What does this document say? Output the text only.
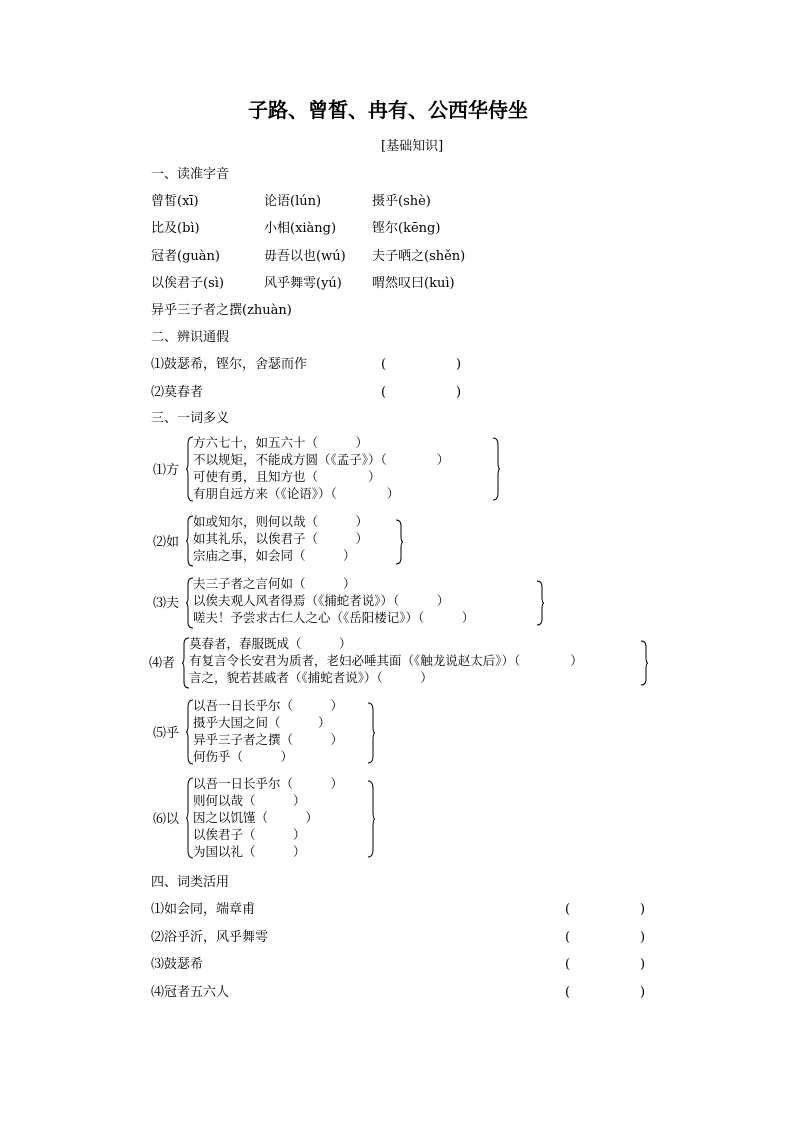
子路、曾皙、冉有、公西华侍坐
[基础知识]
一、读准字音
曾皙(xī)	论语(lún)	摄乎(shè)
比及(bì)	小相(xiàng)	铿尔(kēng)
冠者(guàn)	毋吾以也(wú) 夫子哂之(shěn)
以俟君子(sì)	风乎舞雩(yú) 喟然叹曰(kuì)
异乎三子者之撰(zhuàn)
二、辨识通假
⑴鼓瑟希，铿尔，舍瑟而作	(	)
⑵莫春者	(	)
三、一词多义
⑴方
方六七十，如五六十（　　　）
不以规矩，不能成方圆（《孟子》）（　　　　）
可使有勇，且知方也（　　　　）
有朋自远方来（《论语》）（　　　　）
⑵如
如或知尔，则何以哉（　　　）
如其礼乐，以俟君子（　　　）
宗庙之事，如会同（　　　）
⑶夫
夫三子者之言何如（　　　）
以俟夫观人风者得焉（《捕蛇者说》）（　　　）
嗟夫！予尝求古仁人之心（《岳阳楼记》）（　　　）
⑷者
莫春者，春服既成（　　　）
有复言令长安君为质者，老妇必唾其面（《触龙说赵太后》）（　　　　）
言之，貌若甚戚者（《捕蛇者说》）（　　　）
⑸乎
以吾一日长乎尔（　　　）
摄乎大国之间（　　　）
异乎三子者之撰（　　　）
何伤乎（　　　）
⑹以
以吾一日长乎尔（　　　）
则何以哉（　　　）
因之以饥馑（　　　）
以俟君子（　　　）
为国以礼（　　　）
四、词类活用
⑴如会同，端章甫	(	)
⑵浴乎沂，风乎舞雩	(	)
⑶鼓瑟希	(	)
⑷冠者五六人	(	)
